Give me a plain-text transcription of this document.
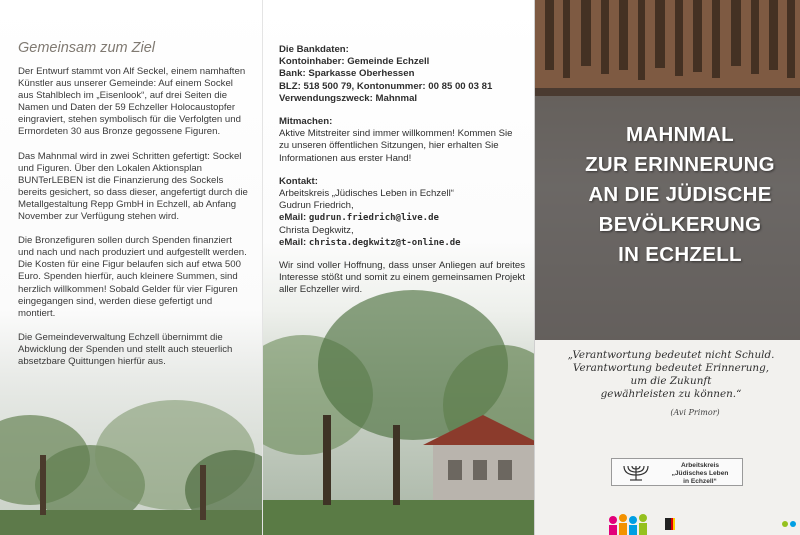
Gemeinsam zum Ziel

Der Entwurf stammt von Alf Seckel, einem namhaften Künstler aus unserer Gemeinde: Auf einem Sockel aus Stahlblech im „Eisenlook“, auf drei Seiten die Namen und Daten der 59 Echzeller Holocaustopfer eingraviert, stehen symbolisch für die Verfolgten und Ermordeten 30 aus Bronze gegossene Figuren.

Das Mahnmal wird in zwei Schritten gefertigt: Sockel und Figuren. Über den Lokalen Aktionsplan BUNTerLEBEN ist die Finanzierung des Sockels bereits gesichert, so dass dieser, angefertigt durch die Metallgestaltung Repp GmbH in Echzell, ab Anfang November zur Verfügung stehen wird.

Die Bronzefiguren sollen durch Spenden finanziert und nach und nach produziert und aufgestellt werden. Die Kosten für eine Figur belaufen sich auf etwa 500 Euro. Spenden hierfür, auch kleinere Summen, sind herzlich willkommen! Sobald Gelder für vier Figuren eingegangen sind, werden diese gefertigt und montiert.

Die Gemeindeverwaltung Echzell übernimmt die Abwicklung der Spenden und stellt auch steuerlich absetzbare Quittungen hierfür aus.

Die Bankdaten:
Kontoinhaber: Gemeinde Echzell
Bank: Sparkasse Oberhessen
BLZ: 518 500 79, Kontonummer: 00 85 00 03 81
Verwendungszweck: Mahnmal
Mitmachen:
Aktive Mitstreiter sind immer willkommen! Kommen Sie zu unseren öffentlichen Sitzungen, hier erhalten Sie Informationen aus erster Hand!
Kontakt:
Arbeitskreis „Jüdisches Leben in Echzell“
Gudrun Friedrich,
eMail: gudrun.friedrich@live.de
Christa Degkwitz,
eMail: christa.degkwitz@t-online.de
Wir sind voller Hoffnung, dass unser Anliegen auf breites Interesse stößt und somit zu einem gemeinsamen Projekt aller Echzeller wird.
MAHNMAL
ZUR ERINNERUNG
AN DIE JÜDISCHE
BEVÖLKERUNG
IN ECHZELL
„Verantwortung bedeutet nicht Schuld.
Verantwortung bedeutet Erinnerung,
um die Zukunft
gewährleisten zu können.“
(Avi Primor)
Arbeitskreis
„Jüdisches Leben
in Echzell“
